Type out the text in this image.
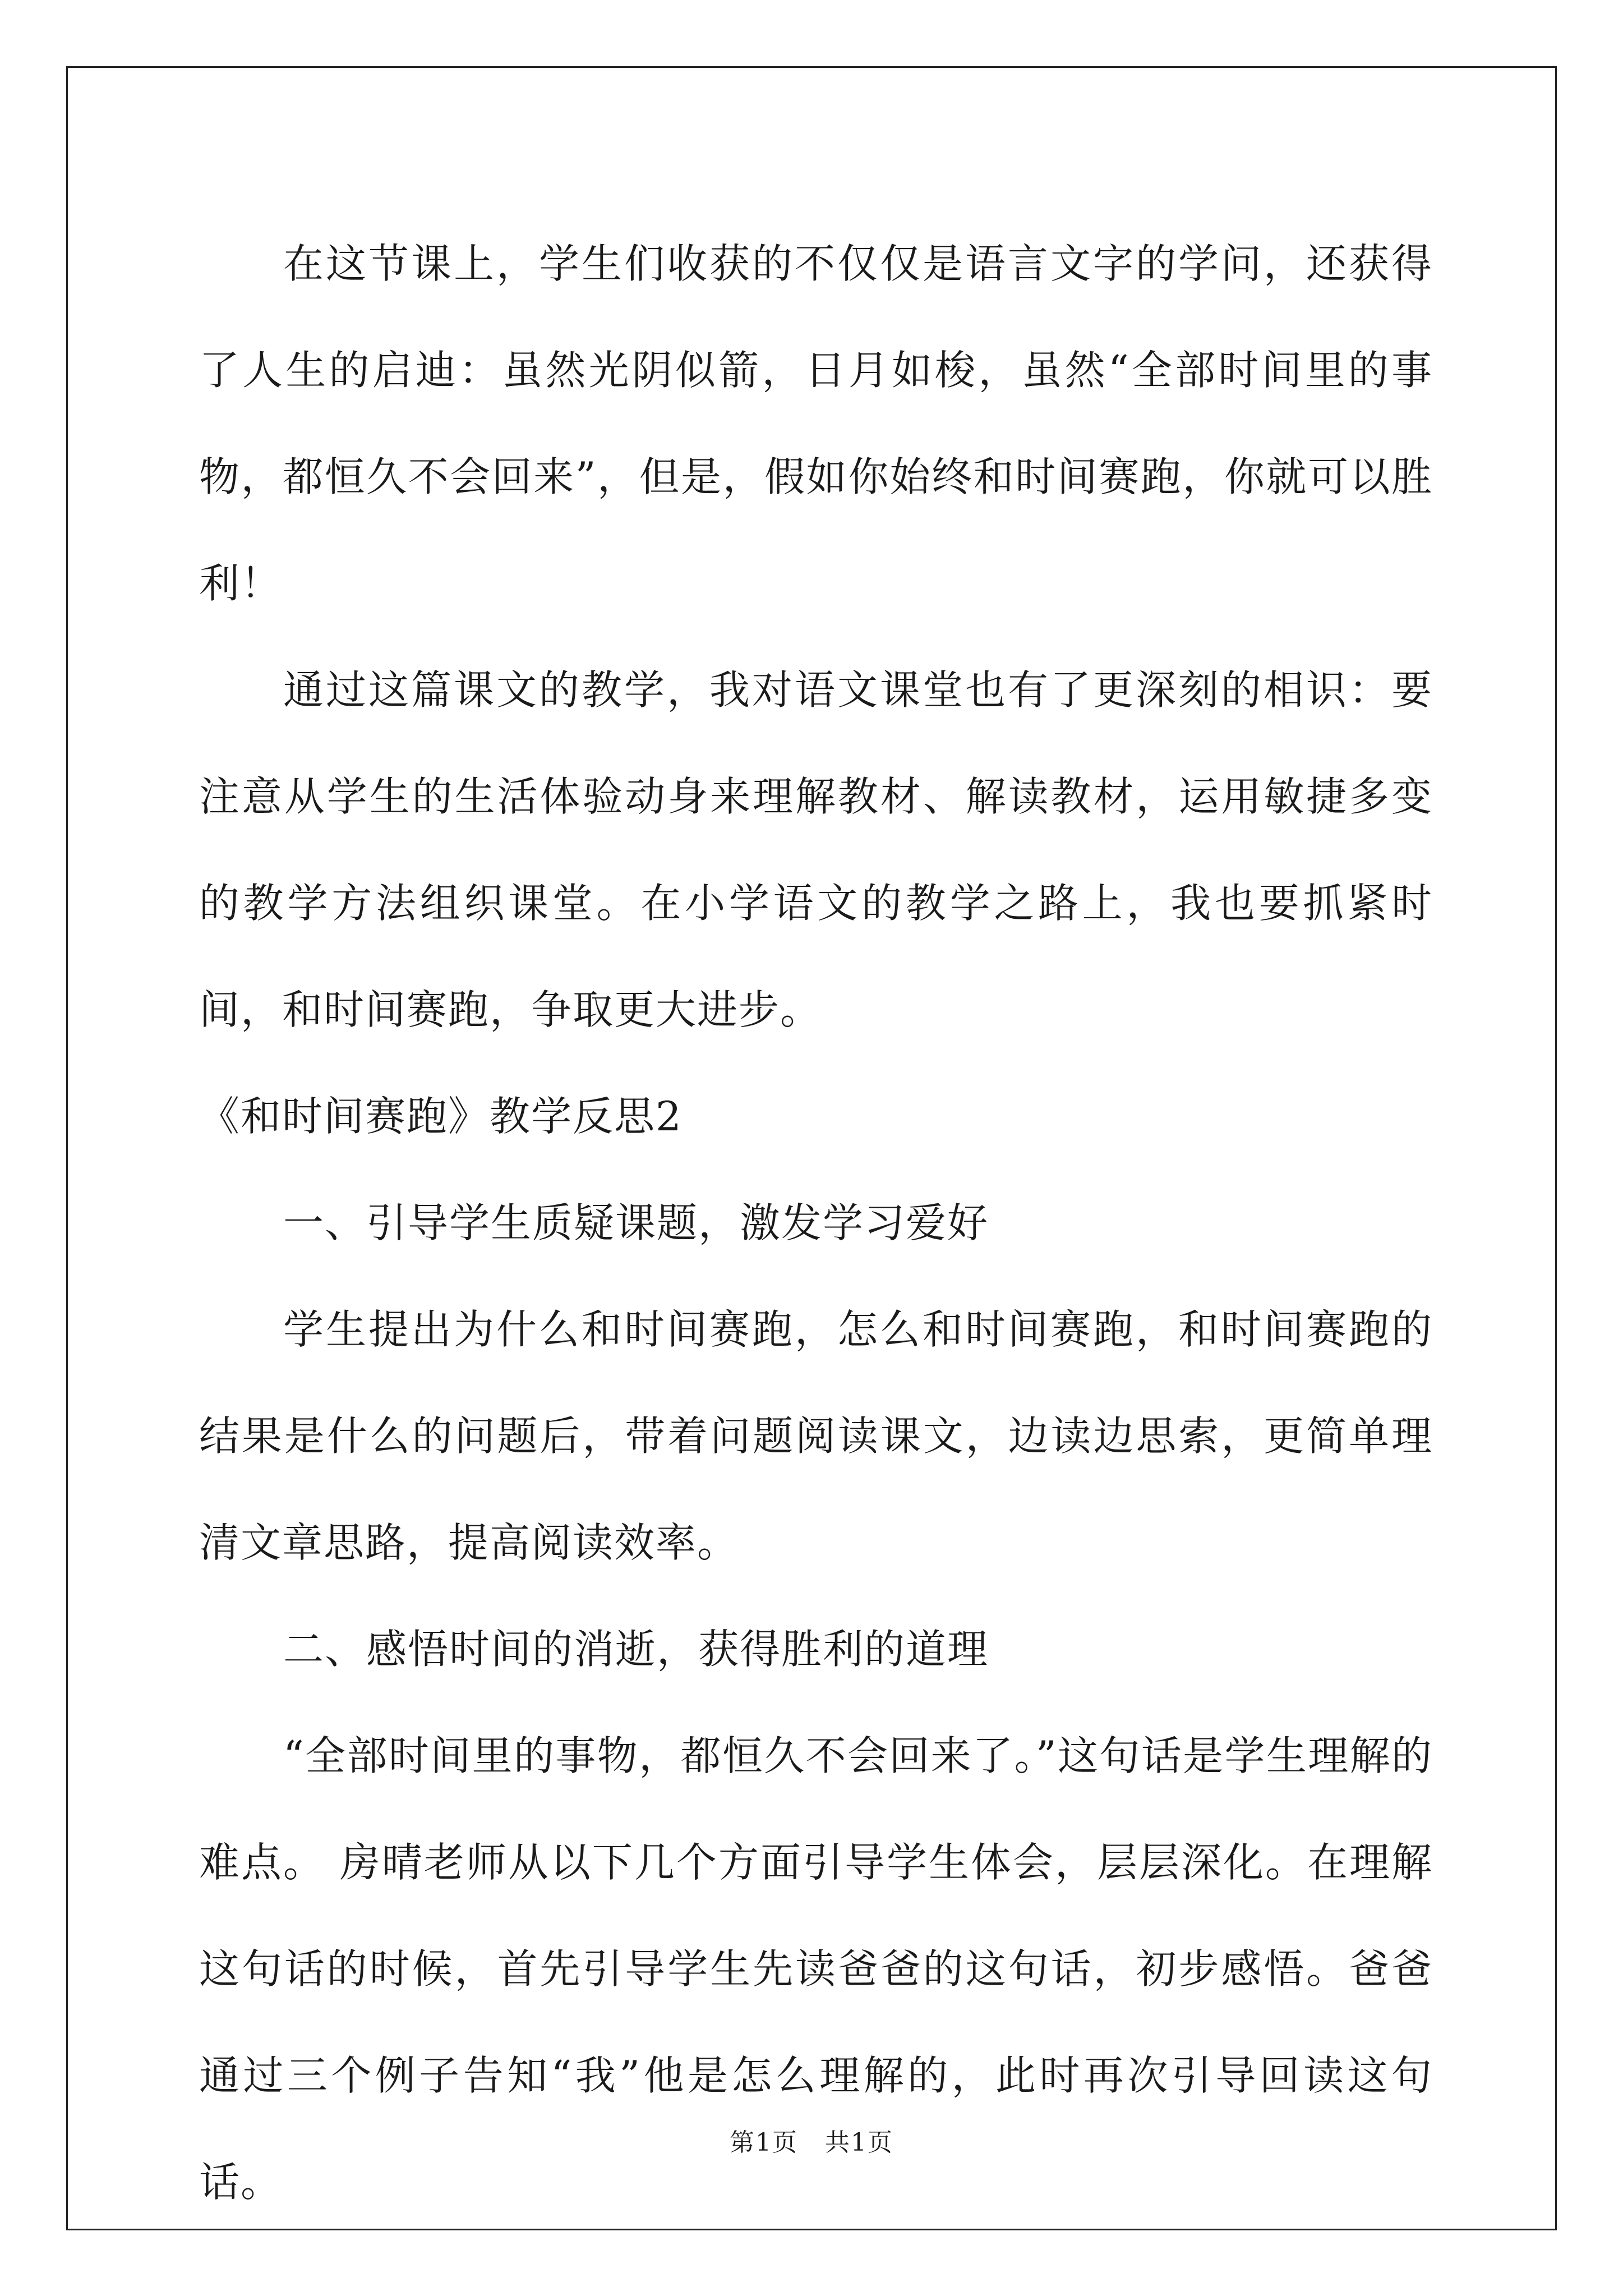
在这节课上，学生们收获的不仅仅是语言文字的学问，还获得了人生的启迪：虽然光阴似箭，日月如梭，虽然“全部时间里的事物，都恒久不会回来”，但是，假如你始终和时间赛跑，你就可以胜利！

通过这篇课文的教学，我对语文课堂也有了更深刻的相识：要注意从学生的生活体验动身来理解教材、解读教材，运用敏捷多变的教学方法组织课堂。在小学语文的教学之路上，我也要抓紧时间，和时间赛跑，争取更大进步。

《和时间赛跑》教学反思2

一、引导学生质疑课题，激发学习爱好

学生提出为什么和时间赛跑，怎么和时间赛跑，和时间赛跑的结果是什么的问题后，带着问题阅读课文，边读边思索，更简单理清文章思路，提高阅读效率。

二、感悟时间的消逝，获得胜利的道理

“全部时间里的事物，都恒久不会回来了。”这句话是学生理解的难点。 房晴老师从以下几个方面引导学生体会，层层深化。在理解这句话的时候，首先引导学生先读爸爸的这句话，初步感悟。爸爸通过三个例子告知“我”他是怎么理解的，此时再次引导回读这句话。

第1页 共1页
